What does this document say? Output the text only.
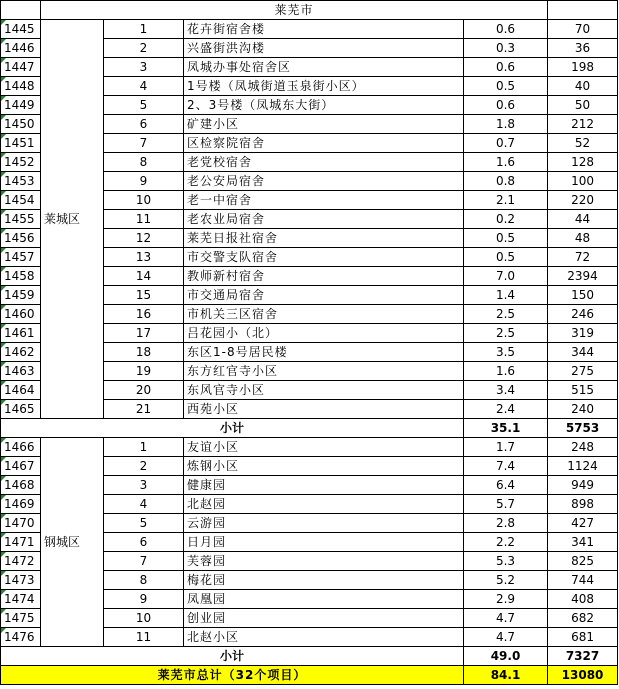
	莱芜市				
1445	莱城区	1	花卉街宿舍楼	0.6	70
1446		2	兴盛街洪沟楼	0.3	36
1447		3	凤城办事处宿舍区	0.6	198
1448		4	1号楼（凤城街道玉泉街小区）	0.5	40
1449		5	2、3号楼（凤城东大街）	0.6	50
1450		6	矿建小区	1.8	212
1451		7	区检察院宿舍	0.7	52
1452		8	老党校宿舍	1.6	128
1453		9	老公安局宿舍	0.8	100
1454		10	老一中宿舍	2.1	220
1455		11	老农业局宿舍	0.2	44
1456		12	莱芜日报社宿舍	0.5	48
1457		13	市交警支队宿舍	0.5	72
1458		14	教师新村宿舍	7.0	2394
1459		15	市交通局宿舍	1.4	150
1460		16	市机关三区宿舍	2.5	246
1461		17	吕花园小（北）	2.5	319
1462		18	东区1-8号居民楼	3.5	344
1463		19	东方红官寺小区	1.6	275
1464		20	东风官寺小区	3.4	515
1465		21	西苑小区	2.4	240
小计				35.1	5753
1466	钢城区	1	友谊小区	1.7	248
1467		2	炼钢小区	7.4	1124
1468		3	健康园	6.4	949
1469		4	北赵园	5.7	898
1470		5	云游园	2.8	427
1471		6	日月园	2.2	341
1472		7	芙蓉园	5.3	825
1473		8	梅花园	5.2	744
1474		9	凤凰园	2.9	408
1475		10	创业园	4.7	682
1476		11	北赵小区	4.7	681
小计				49.0	7327
莱芜市总计（32个项目）				84.1	13080
